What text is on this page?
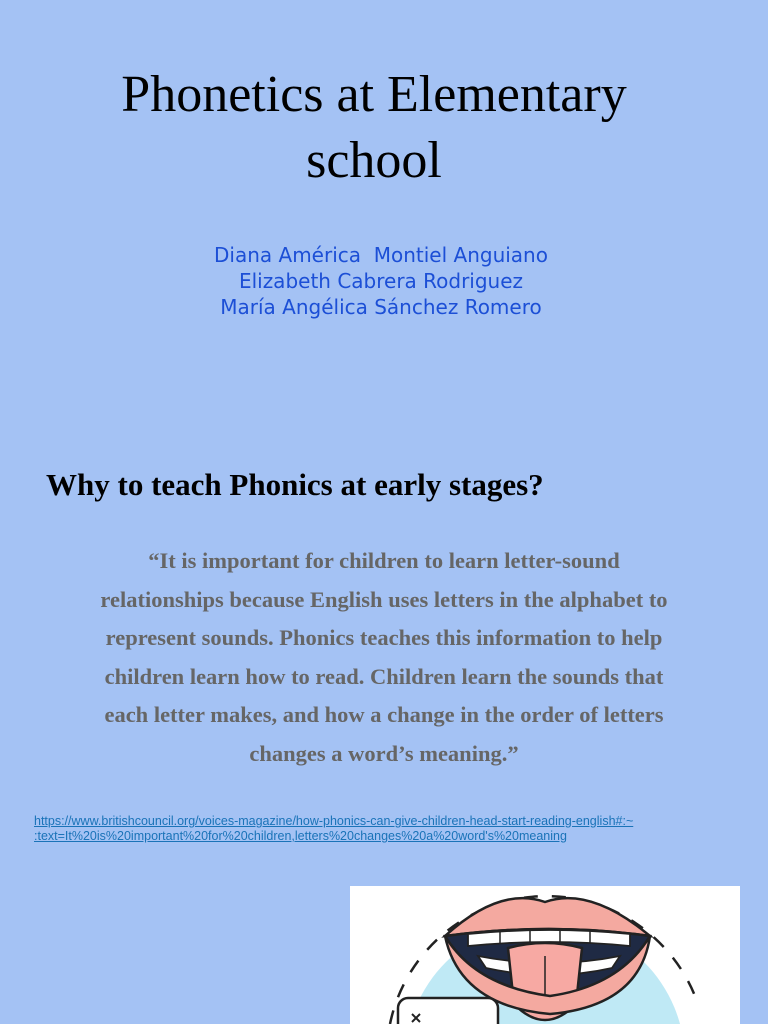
Phonetics at Elementary
school
Diana América  Montiel Anguiano
Elizabeth Cabrera Rodriguez
María Angélica Sánchez Romero
Why to teach Phonics at early stages?
“It is important for children to learn letter-sound
relationships because English uses letters in the alphabet to
represent sounds. Phonics teaches this information to help
children learn how to read. Children learn the sounds that
each letter makes, and how a change in the order of letters
changes a word’s meaning.”
https://www.britishcouncil.org/voices-magazine/how-phonics-can-give-children-head-start-reading-english#:~
:text=It%20is%20important%20for%20children,letters%20changes%20a%20word's%20meaning
